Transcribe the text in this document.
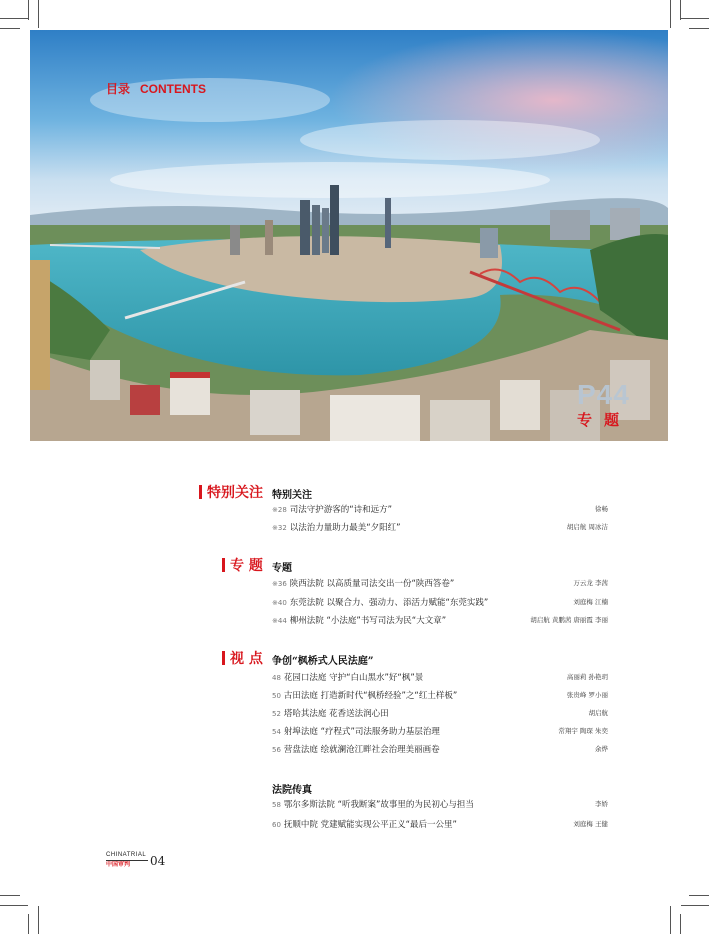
目录 CONTENTS
P44
专题
特别关注 特别关注
※28 司法守护游客的“诗和远方”	徐畅
※32 以法治力量助力最美“夕阳红”	胡启航 周冰洁
专 题 专题
※36 陕西法院 以高质量司法交出一份“陕西答卷”	万云龙 李茜
※40 东莞法院 以聚合力、强动力、添活力赋能“东莞实践”	刘庭梅 江楠
※44 柳州法院 “小法庭”书写司法为民“大文章”	胡启航 黄鹏茜 唐丽霞 李丽
视 点 争创“枫桥式人民法庭”
48 花园口法庭 守护“白山黑水”好“枫”景	高丽莉 孙艳玥
50 古田法庭 打造新时代“枫桥经验”之“红土样板”	张贵峰 罗小丽
52 塔哈其法庭 花香送法润心田	胡启航
54 射埠法庭 “疗程式”司法服务助力基层治理	常翔宇 陶琛 朱奕
56 营盘法庭 绘就澜沧江畔社会治理美丽画卷	余烨
法院传真
58 鄂尔多斯法院 “听我断案”故事里的为民初心与担当	李娇
60 抚顺中院 党建赋能实现公平正义“最后一公里”	刘庭梅 王健
CHINATRIAL
中国审判	04
